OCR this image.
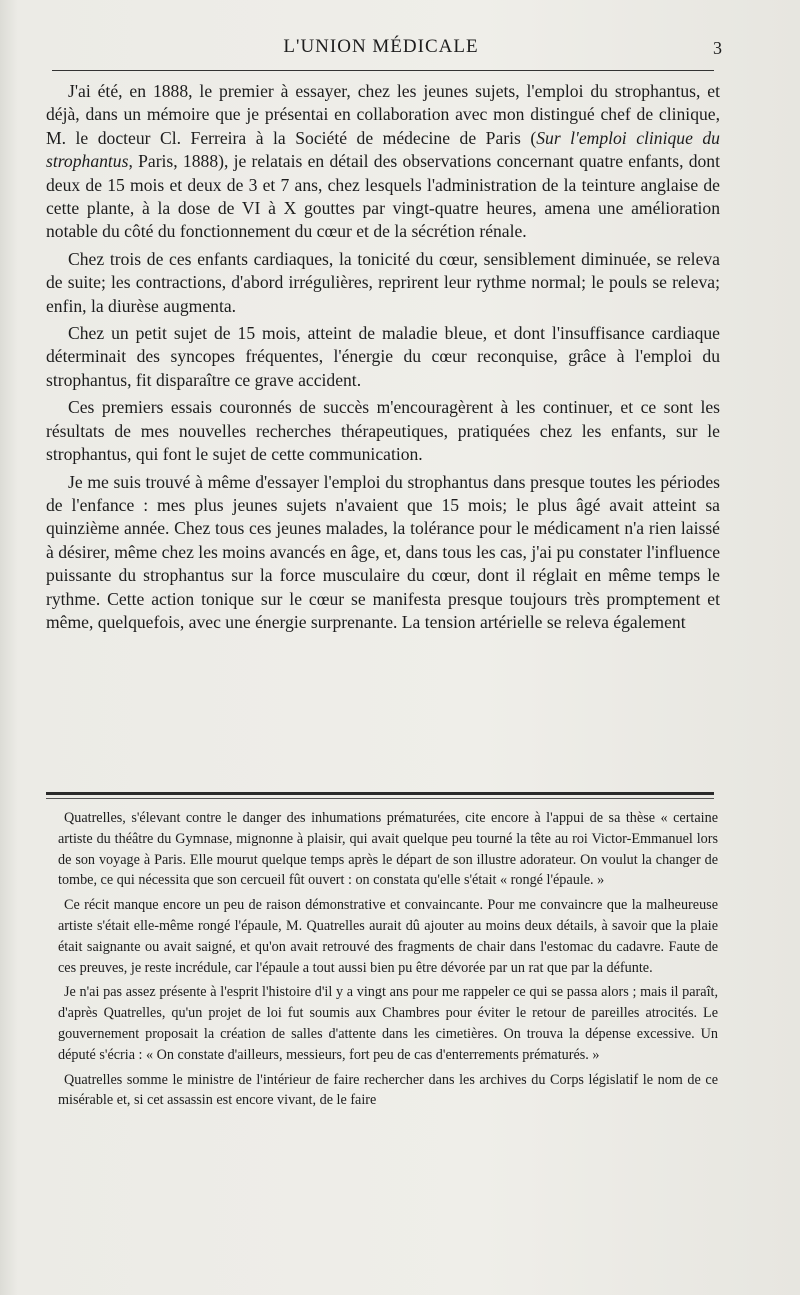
L'UNION MÉDICALE	3

J'ai été, en 1888, le premier à essayer, chez les jeunes sujets, l'emploi du strophantus, et déjà, dans un mémoire que je présentai en collaboration avec mon distingué chef de clinique, M. le docteur Cl. Ferreira à la Société de médecine de Paris (Sur l'emploi clinique du strophantus, Paris, 1888), je relatais en détail des observations concernant quatre enfants, dont deux de 15 mois et deux de 3 et 7 ans, chez lesquels l'administration de la teinture anglaise de cette plante, à la dose de VI à X gouttes par vingt-quatre heures, amena une amélioration notable du côté du fonctionnement du cœur et de la sécrétion rénale.

Chez trois de ces enfants cardiaques, la tonicité du cœur, sensiblement diminuée, se releva de suite; les contractions, d'abord irrégulières, reprirent leur rythme normal; le pouls se releva; enfin, la diurèse augmenta.

Chez un petit sujet de 15 mois, atteint de maladie bleue, et dont l'insuffisance cardiaque déterminait des syncopes fréquentes, l'énergie du cœur reconquise, grâce à l'emploi du strophantus, fit disparaître ce grave accident.

Ces premiers essais couronnés de succès m'encouragèrent à les continuer, et ce sont les résultats de mes nouvelles recherches thérapeutiques, pratiquées chez les enfants, sur le strophantus, qui font le sujet de cette communication.

Je me suis trouvé à même d'essayer l'emploi du strophantus dans presque toutes les périodes de l'enfance : mes plus jeunes sujets n'avaient que 15 mois; le plus âgé avait atteint sa quinzième année. Chez tous ces jeunes malades, la tolérance pour le médicament n'a rien laissé à désirer, même chez les moins avancés en âge, et, dans tous les cas, j'ai pu constater l'influence puissante du strophantus sur la force musculaire du cœur, dont il réglait en même temps le rythme. Cette action tonique sur le cœur se manifesta presque toujours très promptement et même, quelquefois, avec une énergie surprenante. La tension artérielle se releva également

Quatrelles, s'élevant contre le danger des inhumations prématurées, cite encore à l'appui de sa thèse « certaine artiste du théâtre du Gymnase, mignonne à plaisir, qui avait quelque peu tourné la tête au roi Victor-Emmanuel lors de son voyage à Paris. Elle mourut quelque temps après le départ de son illustre adorateur. On voulut la changer de tombe, ce qui nécessita que son cercueil fût ouvert : on constata qu'elle s'était « rongé l'épaule. »

Ce récit manque encore un peu de raison démonstrative et convaincante. Pour me convaincre que la malheureuse artiste s'était elle-même rongé l'épaule, M. Quatrelles aurait dû ajouter au moins deux détails, à savoir que la plaie était saignante ou avait saigné, et qu'on avait retrouvé des fragments de chair dans l'estomac du cadavre. Faute de ces preuves, je reste incrédule, car l'épaule a tout aussi bien pu être dévorée par un rat que par la défunte.

Je n'ai pas assez présente à l'esprit l'histoire d'il y a vingt ans pour me rappeler ce qui se passa alors ; mais il paraît, d'après Quatrelles, qu'un projet de loi fut soumis aux Chambres pour éviter le retour de pareilles atrocités. Le gouvernement proposait la création de salles d'attente dans les cimetières. On trouva la dépense excessive. Un député s'écria : « On constate d'ailleurs, messieurs, fort peu de cas d'enterrements prématurés. »

Quatrelles somme le ministre de l'intérieur de faire rechercher dans les archives du Corps législatif le nom de ce misérable et, si cet assassin est encore vivant, de le faire
